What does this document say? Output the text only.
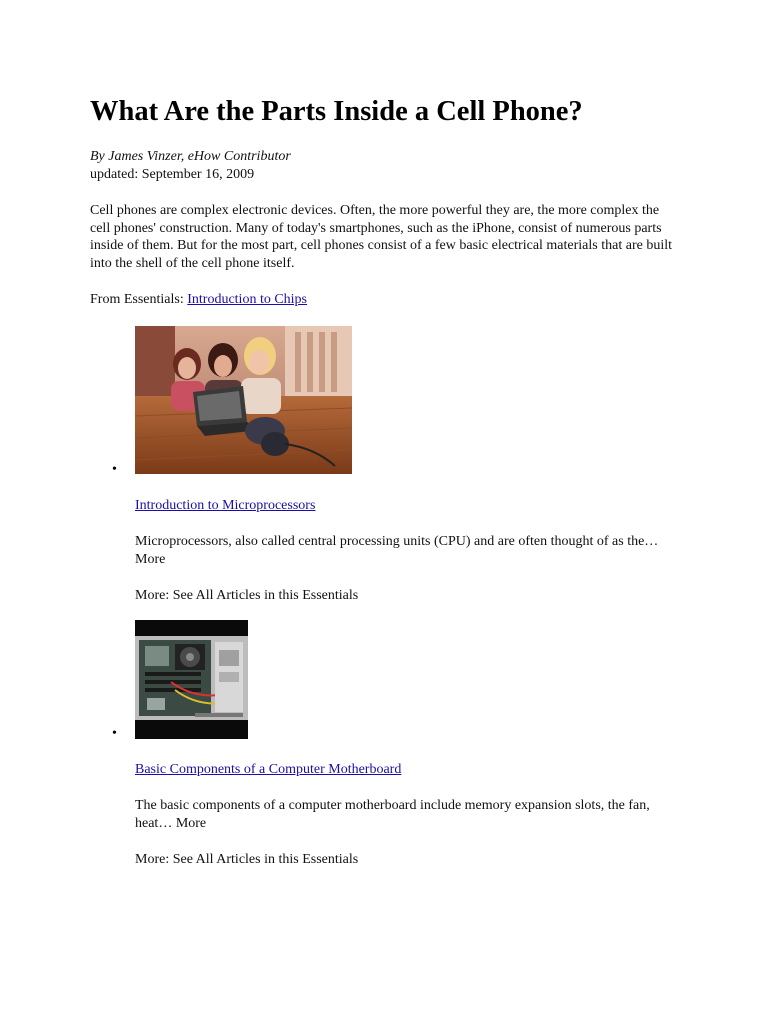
What Are the Parts Inside a Cell Phone?
By James Vinzer, eHow Contributor
updated: September 16, 2009

Cell phones are complex electronic devices. Often, the more powerful they are, the more complex the cell phones' construction. Many of today's smartphones, such as the iPhone, consist of numerous parts inside of them. But for the most part, cell phones consist of a few basic electrical materials that are built into the shell of the cell phone itself.

From Essentials: Introduction to Chips
•
Introduction to Microprocessors

Microprocessors, also called central processing units (CPU) and are often thought of as the… More

More: See All Articles in this Essentials
•
Basic Components of a Computer Motherboard

The basic components of a computer motherboard include memory expansion slots, the fan, heat… More

More: See All Articles in this Essentials
